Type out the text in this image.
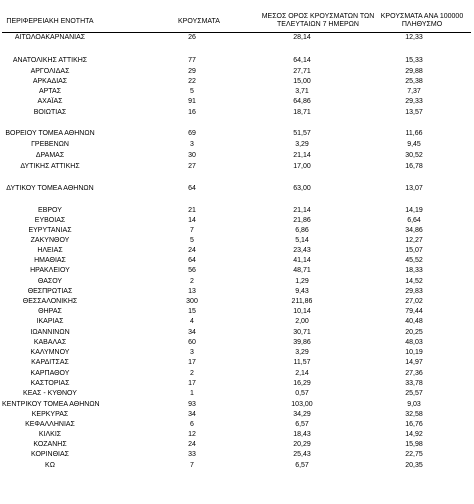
ΠΕΡΙΦΕΡΕΙΑΚΗ ΕΝΟΤΗΤΑ	ΚΡΟΥΣΜΑΤΑ
ΜΕΣΟΣ ΟΡΟΣ ΚΡΟΥΣΜΑΤΩΝ ΤΩΝ ΤΕΛΕΥΤΑΙΩΝ 7 ΗΜΕΡΩΝ
ΚΡΟΥΣΜΑΤΑ ΑΝΑ 100000 ΠΛΗΘΥΣΜΟ
ΑΙΤΩΛΟΑΚΑΡΝΑΝΙΑΣ	26	28,14	12,33
ΑΝΑΤΟΛΙΚΗΣ ΑΤΤΙΚΗΣ	77	64,14	15,33
ΑΡΓΟΛΙΔΑΣ	29	27,71	29,88
ΑΡΚΑΔΙΑΣ	22	15,00	25,38
ΑΡΤΑΣ	5	3,71	7,37
ΑΧΑΪΑΣ	91	64,86	29,33
ΒΟΙΩΤΙΑΣ	16	18,71	13,57
ΒΟΡΕΙΟΥ ΤΟΜΕΑ ΑΘΗΝΩΝ	69	51,57	11,66
ΓΡΕΒΕΝΩΝ	3	3,29	9,45
ΔΡΑΜΑΣ	30	21,14	30,52
ΔΥΤΙΚΗΣ ΑΤΤΙΚΗΣ	27	17,00	16,78
ΔΥΤΙΚΟΥ ΤΟΜΕΑ ΑΘΗΝΩΝ	64	63,00	13,07
ΕΒΡΟΥ	21	21,14	14,19
ΕΥΒΟΙΑΣ	14	21,86	6,64
ΕΥΡΥΤΑΝΙΑΣ	7	6,86	34,86
ΖΑΚΥΝΘΟΥ	5	5,14	12,27
ΗΛΕΙΑΣ	24	23,43	15,07
ΗΜΑΘΙΑΣ	64	41,14	45,52
ΗΡΑΚΛΕΙΟΥ	56	48,71	18,33
ΘΑΣΟΥ	2	1,29	14,52
ΘΕΣΠΡΩΤΙΑΣ	13	9,43	29,83
ΘΕΣΣΑΛΟΝΙΚΗΣ	300	211,86	27,02
ΘΗΡΑΣ	15	10,14	79,44
ΙΚΑΡΙΑΣ	4	2,00	40,48
ΙΩΑΝΝΙΝΩΝ	34	30,71	20,25
ΚΑΒΑΛΑΣ	60	39,86	48,03
ΚΑΛΥΜΝΟΥ	3	3,29	10,19
ΚΑΡΔΙΤΣΑΣ	17	11,57	14,97
ΚΑΡΠΑΘΟΥ	2	2,14	27,36
ΚΑΣΤΟΡΙΑΣ	17	16,29	33,78
ΚΕΑΣ - ΚΥΘΝΟΥ	1	0,57	25,57
ΚΕΝΤΡΙΚΟΥ ΤΟΜΕΑ ΑΘΗΝΩΝ	93	103,00	9,03
ΚΕΡΚΥΡΑΣ	34	34,29	32,58
ΚΕΦΑΛΛΗΝΙΑΣ	6	6,57	16,76
ΚΙΛΚΙΣ	12	18,43	14,92
ΚΟΖΑΝΗΣ	24	20,29	15,98
ΚΟΡΙΝΘΙΑΣ	33	25,43	22,75
ΚΩ	7	6,57	20,35
